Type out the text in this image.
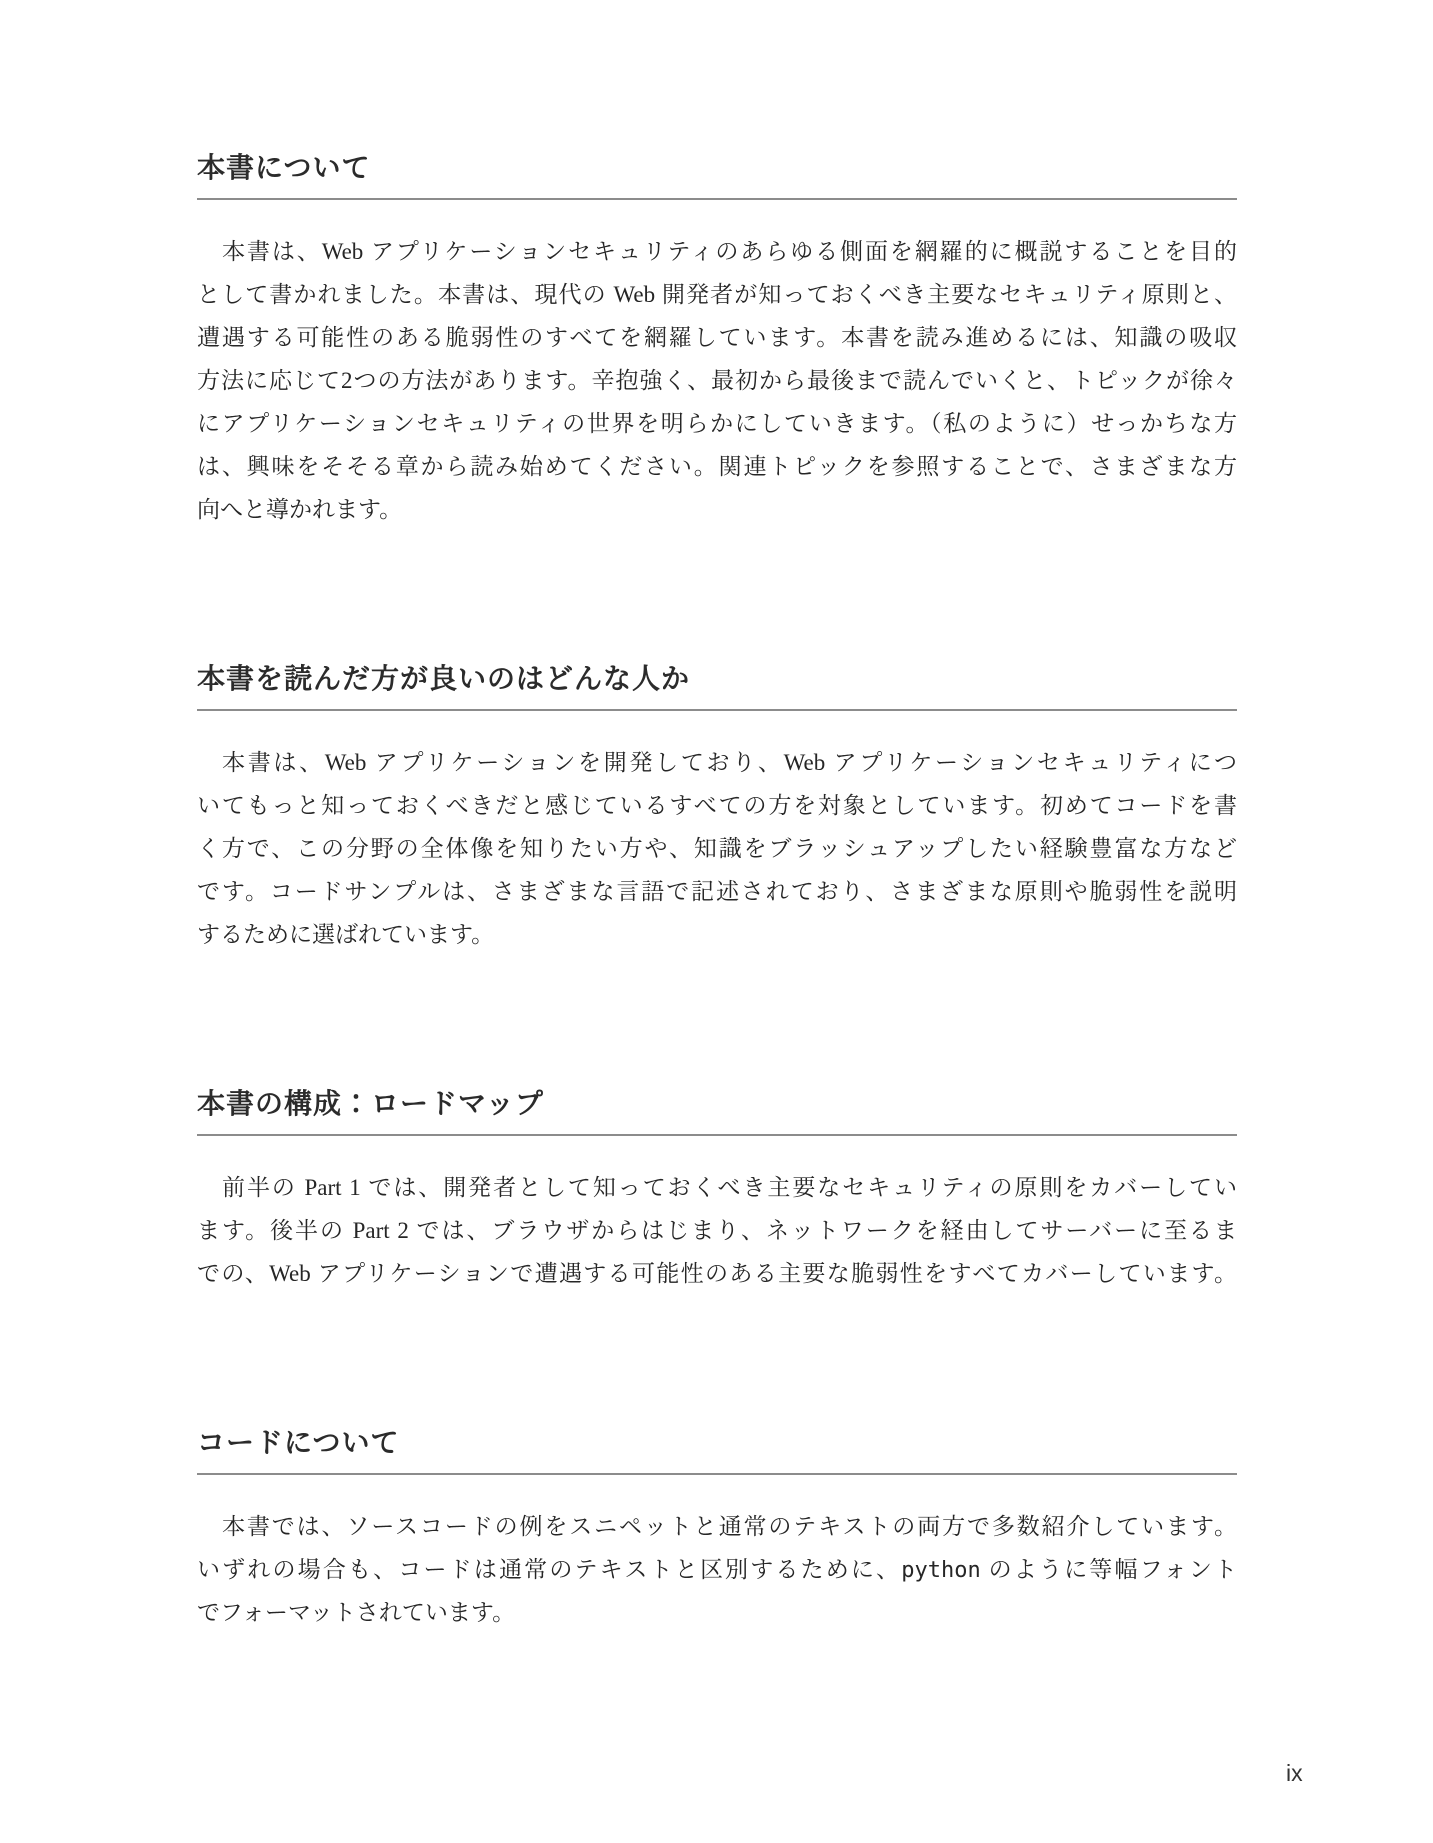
本書について
本書は、Web アプリケーションセキュリティのあらゆる側面を網羅的に概説することを目的
として書かれました。本書は、現代の Web 開発者が知っておくべき主要なセキュリティ原則と、
遭遇する可能性のある脆弱性のすべてを網羅しています。本書を読み進めるには、知識の吸収
方法に応じて2つの方法があります。辛抱強く、最初から最後まで読んでいくと、トピックが徐々
にアプリケーションセキュリティの世界を明らかにしていきます。（私のように）せっかちな方
は、興味をそそる章から読み始めてください。関連トピックを参照することで、さまざまな方
向へと導かれます。
本書を読んだ方が良いのはどんな人か
本書は、Web アプリケーションを開発しており、Web アプリケーションセキュリティにつ
いてもっと知っておくべきだと感じているすべての方を対象としています。初めてコードを書
く方で、この分野の全体像を知りたい方や、知識をブラッシュアップしたい経験豊富な方など
です。コードサンプルは、さまざまな言語で記述されており、さまざまな原則や脆弱性を説明
するために選ばれています。
本書の構成：ロードマップ
前半の Part 1 では、開発者として知っておくべき主要なセキュリティの原則をカバーしてい
ます。後半の Part 2 では、ブラウザからはじまり、ネットワークを経由してサーバーに至るま
での、Web アプリケーションで遭遇する可能性のある主要な脆弱性をすべてカバーしています。
コードについて
本書では、ソースコードの例をスニペットと通常のテキストの両方で多数紹介しています。
いずれの場合も、コードは通常のテキストと区別するために、python のように等幅フォント
でフォーマットされています。
ix
